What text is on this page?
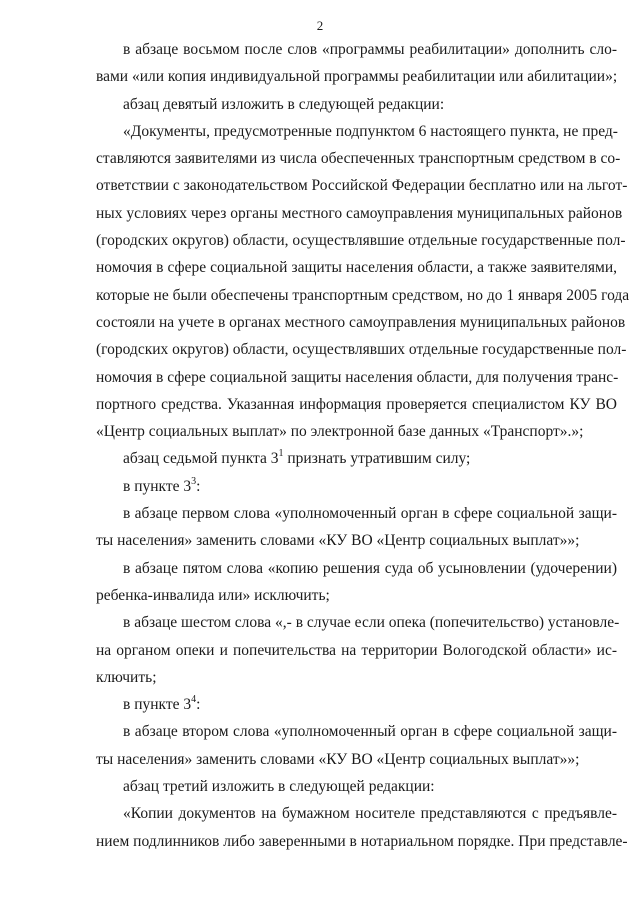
2
в абзаце восьмом после слов «программы реабилитации» дополнить сло-
вами «или копия индивидуальной программы реабилитации или абилитации»;
абзац девятый изложить в следующей редакции:
«Документы, предусмотренные подпунктом 6 настоящего пункта, не пред-
ставляются заявителями из числа обеспеченных транспортным средством в со-
ответствии с законодательством Российской Федерации бесплатно или на льгот-
ных условиях через органы местного самоуправления муниципальных районов
(городских округов) области, осуществлявшие отдельные государственные пол-
номочия в сфере социальной защиты населения области, а также заявителями,
которые не были обеспечены транспортным средством, но до 1 января 2005 года
состояли на учете в органах местного самоуправления муниципальных районов
(городских округов) области, осуществлявших отдельные государственные пол-
номочия в сфере социальной защиты населения области, для получения транс-
портного средства. Указанная информация проверяется специалистом КУ ВО
«Центр социальных выплат» по электронной базе данных «Транспорт».»;
абзац седьмой пункта $3^1$ признать утратившим силу;
в пункте $3^3$:
в абзаце первом слова «уполномоченный орган в сфере социальной защи-
ты населения» заменить словами «КУ ВО «Центр социальных выплат»»;
в абзаце пятом слова «копию решения суда об усыновлении (удочерении)
ребенка-инвалида или» исключить;
в абзаце шестом слова «,- в случае если опека (попечительство) установле-
на органом опеки и попечительства на территории Вологодской области» ис-
ключить;
в пункте $3^4$:
в абзаце втором слова «уполномоченный орган в сфере социальной защи-
ты населения» заменить словами «КУ ВО «Центр социальных выплат»»;
абзац третий изложить в следующей редакции:
«Копии документов на бумажном носителе представляются с предъявле-
нием подлинников либо заверенными в нотариальном порядке. При представле-
